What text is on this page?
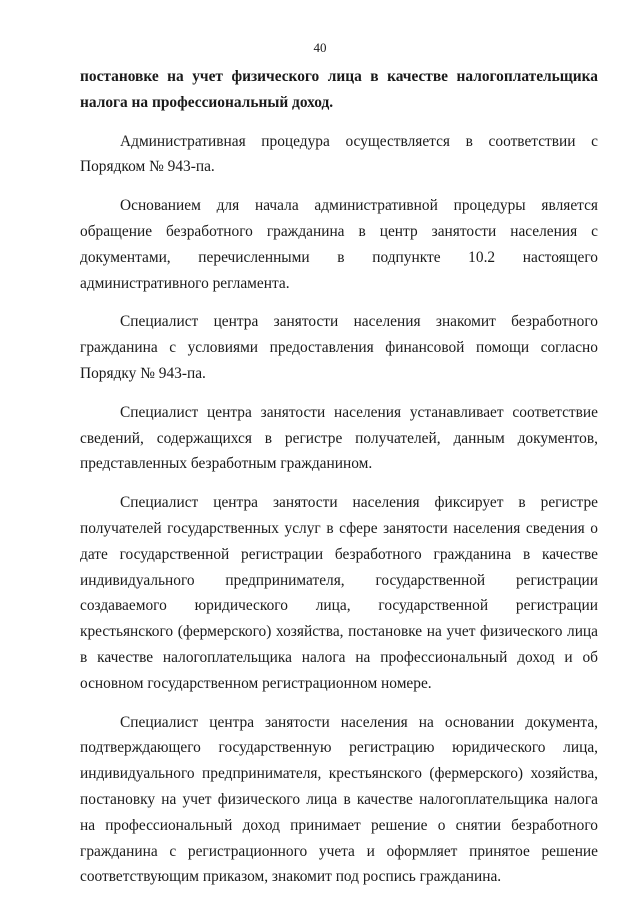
40

постановке на учет физического лица в качестве налогоплательщика налога на профессиональный доход.

Административная процедура осуществляется в соответствии с Порядком № 943-па.

Основанием для начала административной процедуры является обращение безработного гражданина в центр занятости населения с документами, перечисленными в подпункте 10.2 настоящего административного регламента.

Специалист центра занятости населения знакомит безработного гражданина с условиями предоставления финансовой помощи согласно Порядку № 943-па.

Специалист центра занятости населения устанавливает соответствие сведений, содержащихся в регистре получателей, данным документов, представленных безработным гражданином.

Специалист центра занятости населения фиксирует в регистре получателей государственных услуг в сфере занятости населения сведения о дате государственной регистрации безработного гражданина в качестве индивидуального предпринимателя, государственной регистрации создаваемого юридического лица, государственной регистрации крестьянского (фермерского) хозяйства, постановке на учет физического лица в качестве налогоплательщика налога на профессиональный доход и об основном государственном регистрационном номере.

Специалист центра занятости населения на основании документа, подтверждающего государственную регистрацию юридического лица, индивидуального предпринимателя, крестьянского (фермерского) хозяйства, постановку на учет физического лица в качестве налогоплательщика налога на профессиональный доход принимает решение о снятии безработного гражданина с регистрационного учета и оформляет принятое решение соответствующим приказом, знакомит под роспись гражданина.
